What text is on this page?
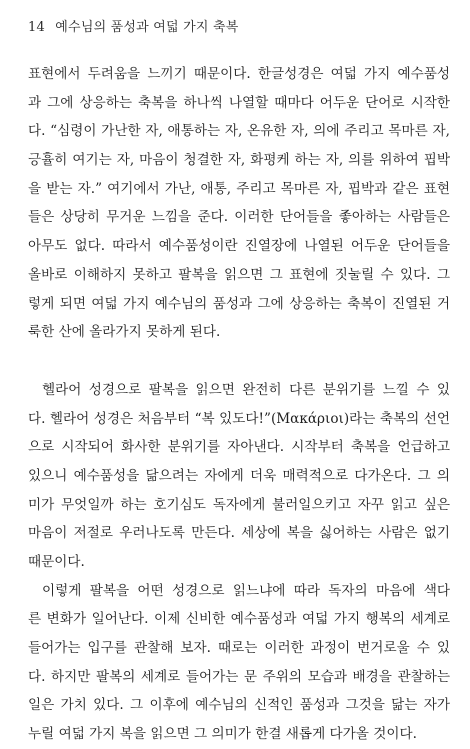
14 예수님의 품성과 여덟 가지 축복
표현에서 두려움을 느끼기 때문이다. 한글성경은 여덟 가지 예수품성
과 그에 상응하는 축복을 하나씩 나열할 때마다 어두운 단어로 시작한
다. “심령이 가난한 자, 애통하는 자, 온유한 자, 의에 주리고 목마른 자,
긍휼히 여기는 자, 마음이 청결한 자, 화평케 하는 자, 의를 위하여 핍박
을 받는 자.” 여기에서 가난, 애통, 주리고 목마른 자, 핍박과 같은 표현
들은 상당히 무거운 느낌을 준다. 이러한 단어들을 좋아하는 사람들은
아무도 없다. 따라서 예수품성이란 진열장에 나열된 어두운 단어들을
올바로 이해하지 못하고 팔복을 읽으면 그 표현에 짓눌릴 수 있다. 그
렇게 되면 여덟 가지 예수님의 품성과 그에 상응하는 축복이 진열된 거
룩한 산에 올라가지 못하게 된다.
헬라어 성경으로 팔복을 읽으면 완전히 다른 분위기를 느낄 수 있
다. 헬라어 성경은 처음부터 “복 있도다!”(Μακάριοι)라는 축복의 선언
으로 시작되어 화사한 분위기를 자아낸다. 시작부터 축복을 언급하고
있으니 예수품성을 닮으려는 자에게 더욱 매력적으로 다가온다. 그 의
미가 무엇일까 하는 호기심도 독자에게 불러일으키고 자꾸 읽고 싶은
마음이 저절로 우러나도록 만든다. 세상에 복을 싫어하는 사람은 없기
때문이다.
이렇게 팔복을 어떤 성경으로 읽느냐에 따라 독자의 마음에 색다
른 변화가 일어난다. 이제 신비한 예수품성과 여덟 가지 행복의 세계로
들어가는 입구를 관찰해 보자. 때로는 이러한 과정이 번거로울 수 있
다. 하지만 팔복의 세계로 들어가는 문 주위의 모습과 배경을 관찰하는
일은 가치 있다. 그 이후에 예수님의 신적인 품성과 그것을 닮는 자가
누릴 여덟 가지 복을 읽으면 그 의미가 한결 새롭게 다가올 것이다.
